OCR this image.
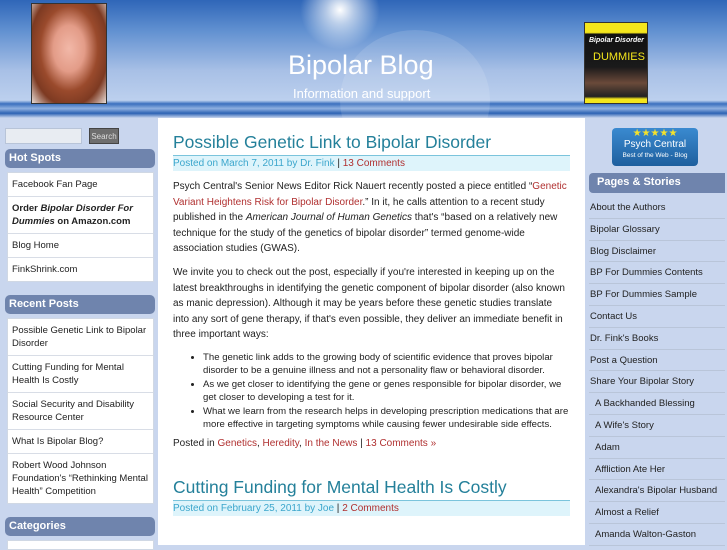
Bipolar Disorder
DUMMIES
Bipolar Blog
Information and support
Search
Hot Spots
Facebook Fan Page
Order Bipolar Disorder For Dummies on Amazon.com
Blog Home
FinkShrink.com
Recent Posts
Possible Genetic Link to Bipolar Disorder
Cutting Funding for Mental Health Is Costly
Social Security and Disability Resource Center
What Is Bipolar Blog?
Robert Wood Johnson Foundation's “Rethinking Mental Health” Competition
Categories
Possible Genetic Link to Bipolar Disorder
Posted on March 7, 2011 by Dr. Fink | 13 Comments

Psych Central's Senior News Editor Rick Nauert recently posted a piece entitled “Genetic Variant Heightens Risk for Bipolar Disorder.” In it, he calls attention to a recent study published in the American Journal of Human Genetics that's “based on a relatively new technique for the study of the genetics of bipolar disorder” termed genome-wide association studies (GWAS).

We invite you to check out the post, especially if you're interested in keeping up on the latest breakthroughs in identifying the genetic component of bipolar disorder (also known as manic depression). Although it may be years before these genetic studies translate into any sort of gene therapy, if that's even possible, they deliver an immediate benefit in three important ways:

• The genetic link adds to the growing body of scientific evidence that proves bipolar disorder to be a genuine illness and not a personality flaw or behavioral disorder.
• As we get closer to identifying the gene or genes responsible for bipolar disorder, we get closer to developing a test for it.
• What we learn from the research helps in developing prescription medications that are more effective in targeting symptoms while causing fewer undesirable side effects.
Posted in Genetics, Heredity, In the News | 13 Comments »
Cutting Funding for Mental Health Is Costly
Posted on February 25, 2011 by Joe | 2 Comments
★★★★★
Psych Central
Best of the Web - Blog
Pages & Stories
About the Authors
Bipolar Glossary
Blog Disclaimer
BP For Dummies Contents
BP For Dummies Sample
Contact Us
Dr. Fink's Books
Post a Question
Share Your Bipolar Story
A Backhanded Blessing
A Wife's Story
Adam
Affliction Ate Her
Alexandra's Bipolar Husband
Almost a Relief
Amanda Walton-Gaston
